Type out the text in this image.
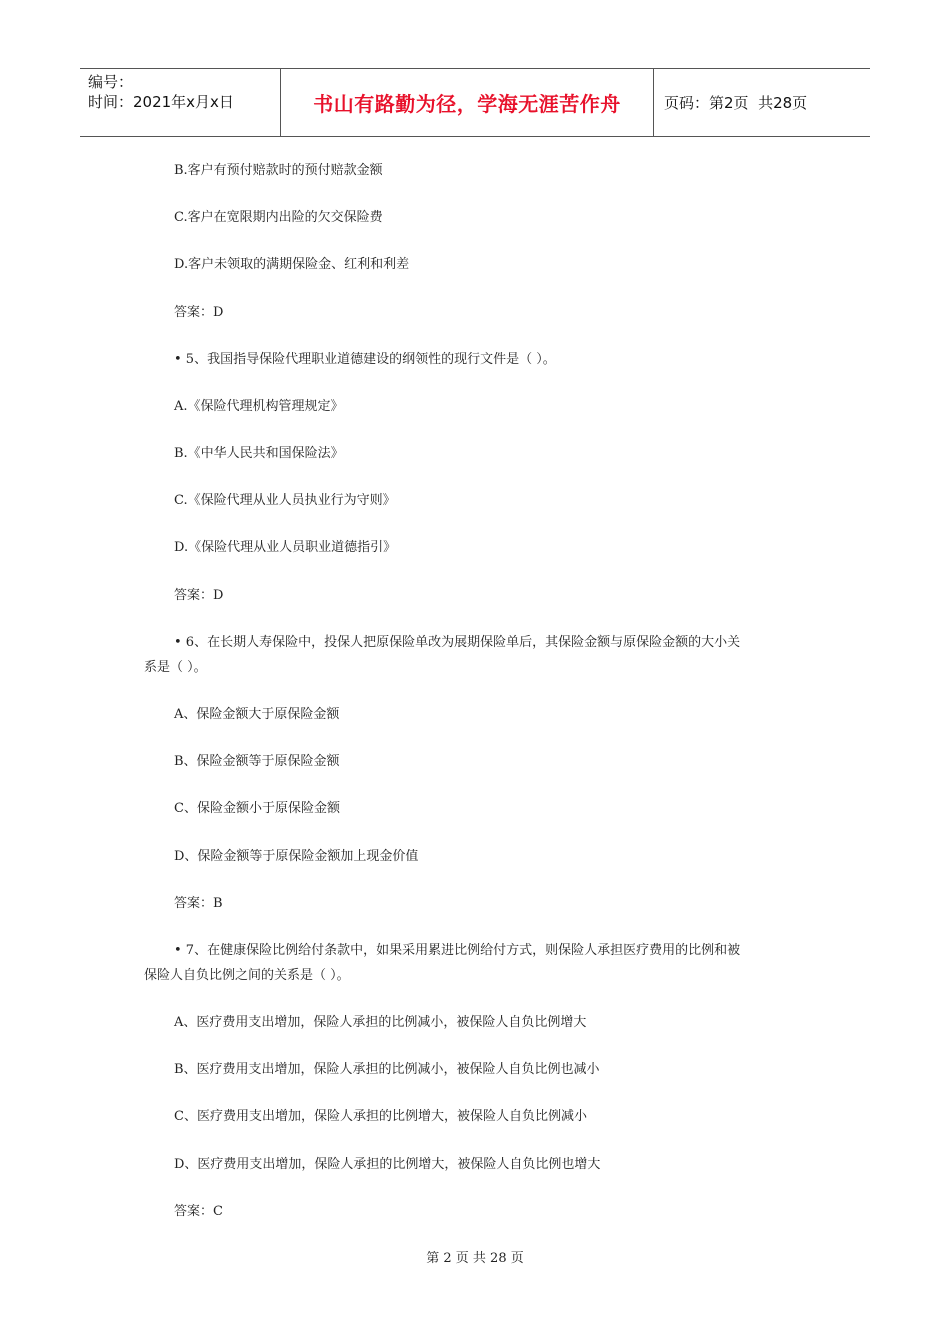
编号：
时间：2021年x月x日	书山有路勤为径，学海无涯苦作舟	页码：第2页  共28页
B.客户有预付赔款时的预付赔款金额
C.客户在宽限期内出险的欠交保险费
D.客户未领取的满期保险金、红利和利差
答案：D
• 5、我国指导保险代理职业道德建设的纲领性的现行文件是（ ）。
A.《保险代理机构管理规定》
B.《中华人民共和国保险法》
C.《保险代理从业人员执业行为守则》
D.《保险代理从业人员职业道德指引》
答案：D
• 6、在长期人寿保险中，投保人把原保险单改为展期保险单后，其保险金额与原保险金额的大小关
系是（ ）。
A、保险金额大于原保险金额
B、保险金额等于原保险金额
C、保险金额小于原保险金额
D、保险金额等于原保险金额加上现金价值
答案：B
• 7、在健康保险比例给付条款中，如果采用累进比例给付方式，则保险人承担医疗费用的比例和被
保险人自负比例之间的关系是（ ）。
A、医疗费用支出增加，保险人承担的比例减小，被保险人自负比例增大
B、医疗费用支出增加，保险人承担的比例减小，被保险人自负比例也减小
C、医疗费用支出增加，保险人承担的比例增大，被保险人自负比例减小
D、医疗费用支出增加，保险人承担的比例增大，被保险人自负比例也增大
答案：C
第 2 页 共 28 页
